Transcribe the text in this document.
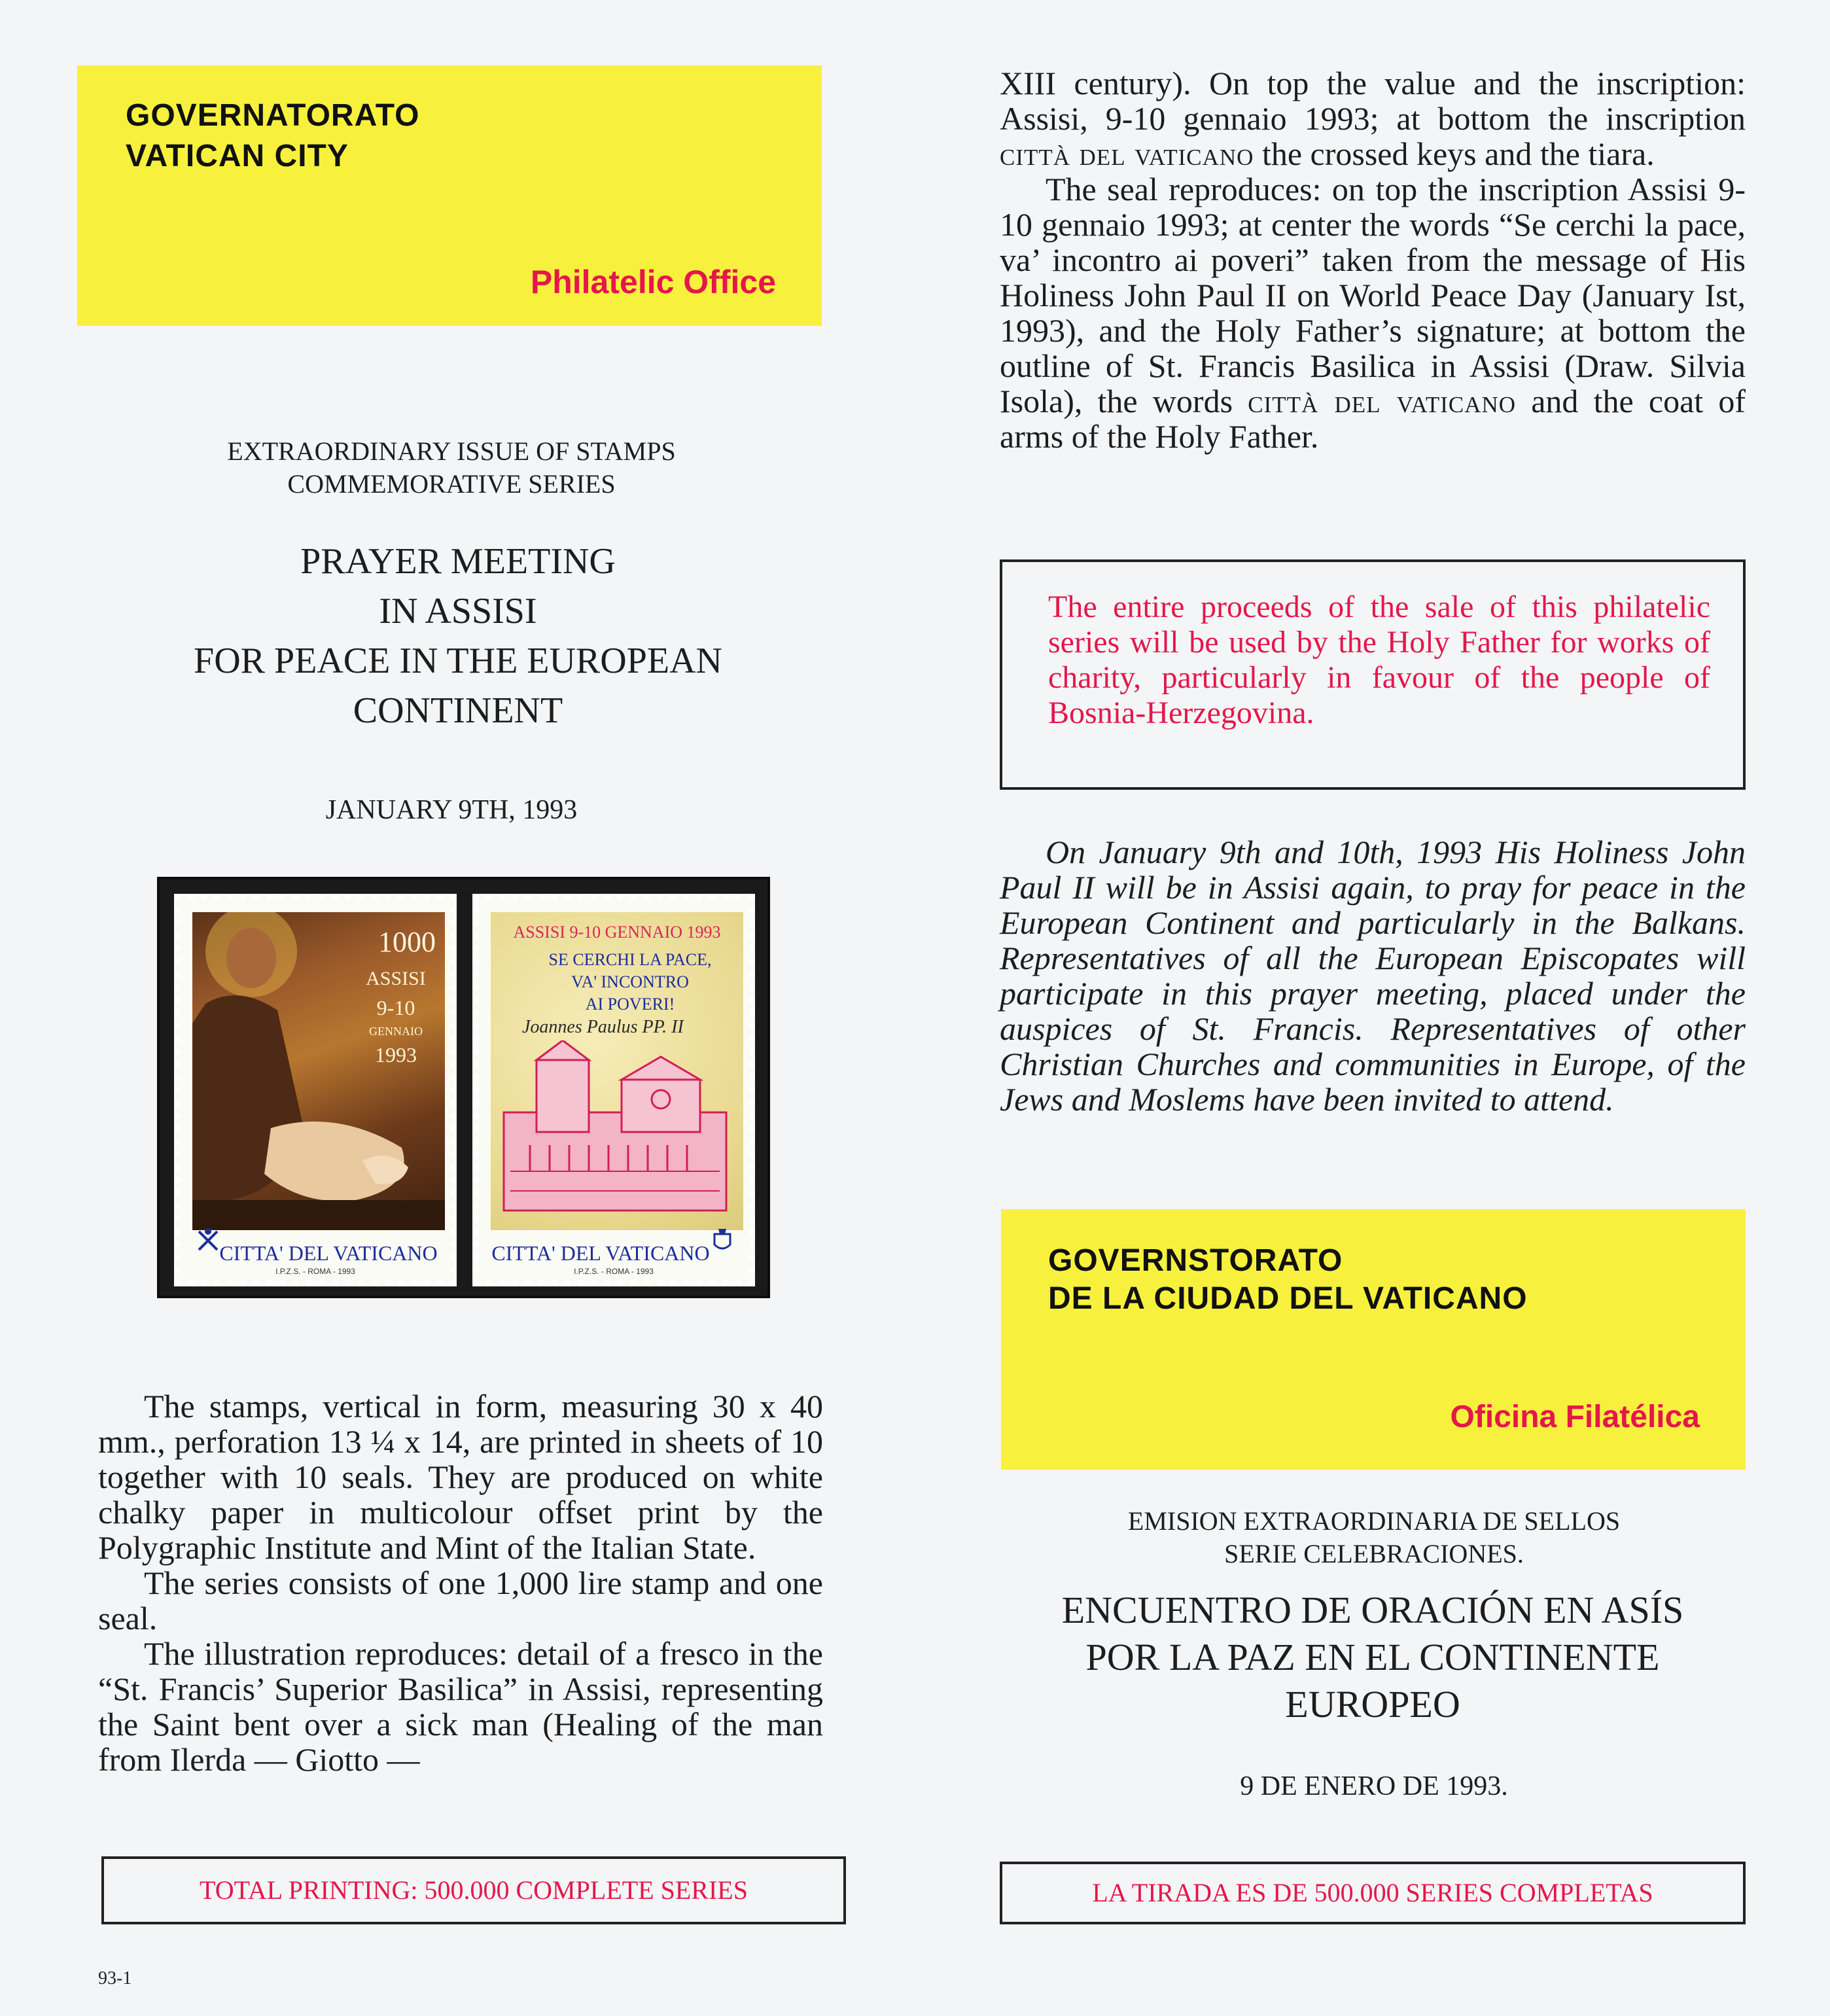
GOVERNATORATO
VATICAN CITY
Philatelic Office
EXTRAORDINARY ISSUE OF STAMPS
COMMEMORATIVE SERIES
PRAYER MEETING
IN ASSISI
FOR PEACE IN THE EUROPEAN
CONTINENT
JANUARY 9TH, 1993
1000
ASSISI
9-10
GENNAIO
1993
CITTA' DEL VATICANO
I.P.Z.S. - ROMA - 1993
ASSISI 9-10 GENNAIO 1993
SE CERCHI LA PACE,
VA' INCONTRO
AI POVERI!
Joannes Paulus PP. II
CITTA' DEL VATICANO
I.P.Z.S. - ROMA - 1993

The stamps, vertical in form, measuring 30 x 40 mm., perforation 13 ¼ x 14, are printed in sheets of 10 together with 10 seals. They are produced on white chalky paper in multicolour offset print by the Polygraphic Institute and Mint of the Italian State.

The series consists of one 1,000 lire stamp and one seal.

The illustration reproduces: detail of a fresco in the “St. Francis’ Superior Basilica” in Assisi, representing the Saint bent over a sick man (Healing of the man from Ilerda — Giotto —

TOTAL PRINTING: 500.000 COMPLETE SERIES
93-1

XIII century). On top the value and the inscription: Assisi, 9-10 gennaio 1993; at bottom the inscription città del vaticano the crossed keys and the tiara.

The seal reproduces: on top the inscription Assisi 9-10 gennaio 1993; at center the words “Se cerchi la pace, va’ incontro ai poveri” taken from the message of His Holiness John Paul II on World Peace Day (January Ist, 1993), and the Holy Father’s signature; at bottom the outline of St. Francis Basilica in Assisi (Draw. Silvia Isola), the words città del vaticano and the coat of arms of the Holy Father.

The entire proceeds of the sale of this philatelic series will be used by the Holy Father for works of charity, particularly in favour of the people of Bosnia-Herzegovina.

On January 9th and 10th, 1993 His Holiness John Paul II will be in Assisi again, to pray for peace in the European Continent and particularly in the Balkans. Representatives of all the European Episcopates will participate in this prayer meeting, placed under the auspices of St. Francis. Representatives of other Christian Churches and communities in Europe, of the Jews and Moslems have been invited to attend.

GOVERNSTORATO
DE LA CIUDAD DEL VATICANO
Oficina Filatélica
EMISION EXTRAORDINARIA DE SELLOS
SERIE CELEBRACIONES.
ENCUENTRO DE ORACIÓN EN ASÍS
POR LA PAZ EN EL CONTINENTE
EUROPEO
9 DE ENERO DE 1993.
LA TIRADA ES DE 500.000 SERIES COMPLETAS
